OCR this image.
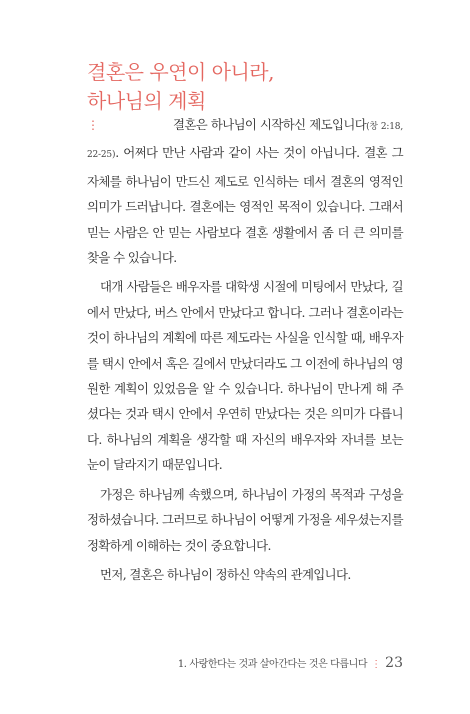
결혼은 우연이 아니라,
하나님의 계획

⋮	결혼은 하나님이 시작하신 제도입니다(창 2:18, 22-25). 어쩌다 만난 사람과 같이 사는 것이 아닙니다. 결혼 그 자체를 하나님이 만드신 제도로 인식하는 데서 결혼의 영적인 의미가 드러납니다. 결혼에는 영적인 목적이 있습니다. 그래서 믿는 사람은 안 믿는 사람보다 결혼 생활에서 좀 더 큰 의미를 찾을 수 있습니다.

대개 사람들은 배우자를 대학생 시절에 미팅에서 만났다, 길에서 만났다, 버스 안에서 만났다고 합니다. 그러나 결혼이라는 것이 하나님의 계획에 따른 제도라는 사실을 인식할 때, 배우자를 택시 안에서 혹은 길에서 만났더라도 그 이전에 하나님의 영원한 계획이 있었음을 알 수 있습니다. 하나님이 만나게 해 주셨다는 것과 택시 안에서 우연히 만났다는 것은 의미가 다릅니다. 하나님의 계획을 생각할 때 자신의 배우자와 자녀를 보는 눈이 달라지기 때문입니다.

가정은 하나님께 속했으며, 하나님이 가정의 목적과 구성을 정하셨습니다. 그러므로 하나님이 어떻게 가정을 세우셨는지를 정확하게 이해하는 것이 중요합니다.

먼저, 결혼은 하나님이 정하신 약속의 관계입니다.

1. 사랑한다는 것과 살아간다는 것은 다릅니다 ⋮ 23
